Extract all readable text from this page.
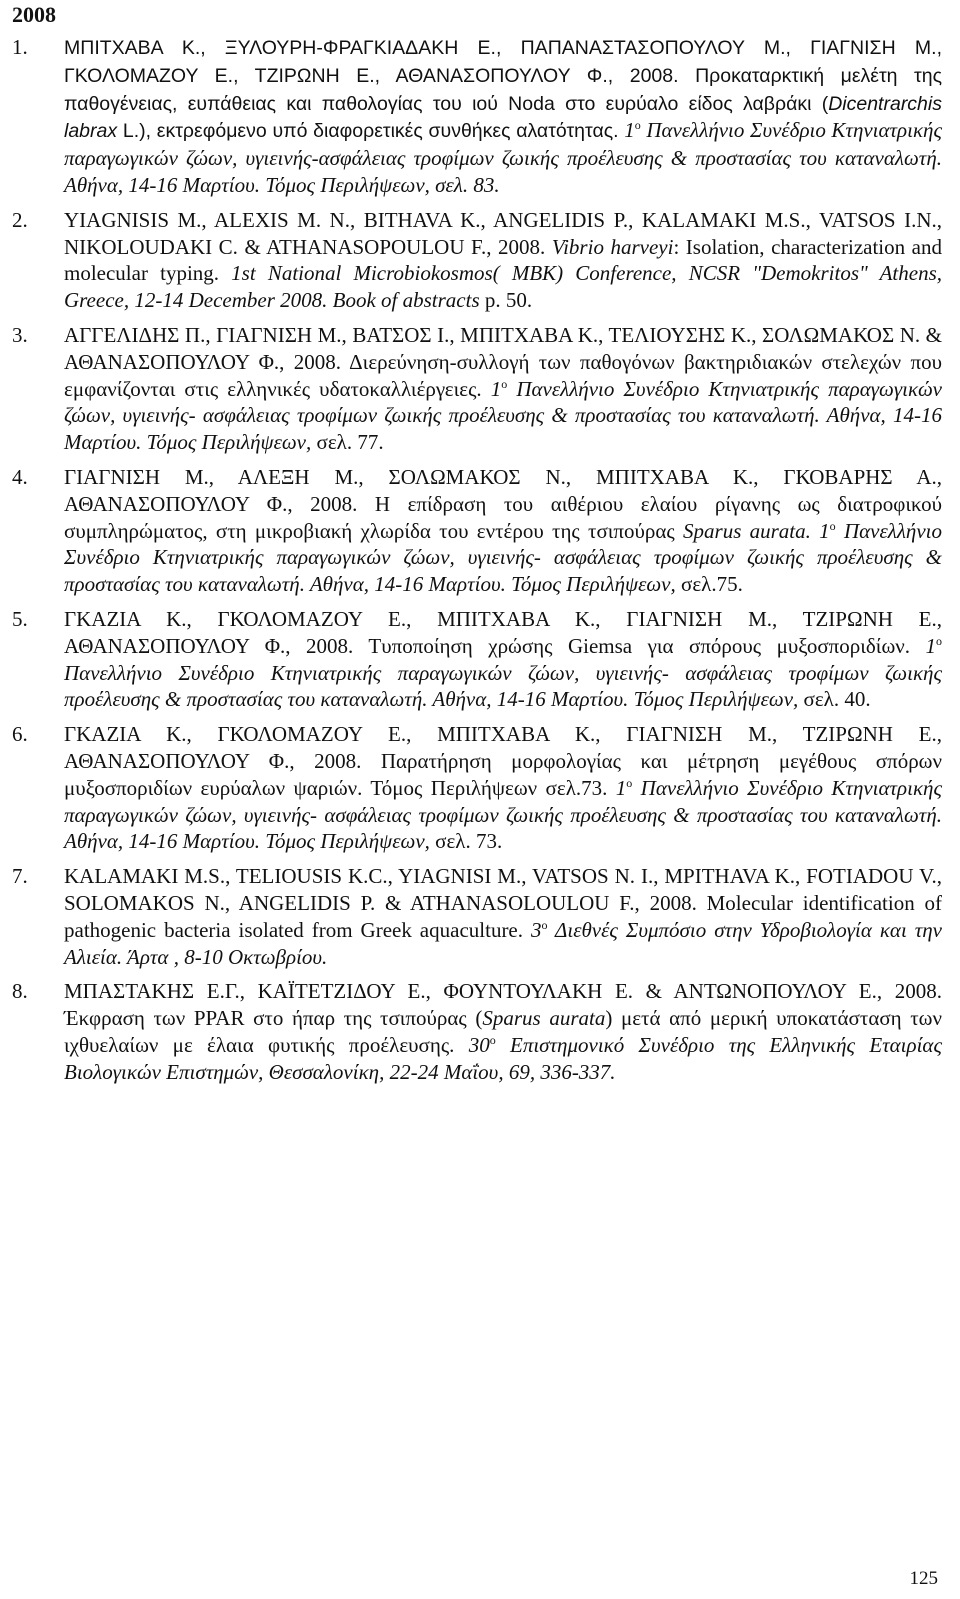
2008
1.	ΜΠΙΤΧΑΒΑ Κ., ΞΥΛΟΥΡΗ-ΦΡΑΓΚΙΑΔΑΚΗ Ε., ΠΑΠΑΝΑΣΤΑΣΟΠΟΥΛΟΥ Μ., ΓΙΑΓΝΙΣΗ Μ., ΓΚΟΛΟΜΑΖΟΥ Ε., ΤΖΙΡΩΝΗ Ε., ΑΘΑΝΑΣΟΠΟΥΛΟΥ Φ., 2008. Προκαταρκτική μελέτη της παθογένειας, ευπάθειας και παθολογίας του ιού Noda στο ευρύαλο είδος λαβράκι (Dicentrarchis labrax L.), εκτρεφόμενο υπό διαφορετικές συνθήκες αλατότητας. $1^o$ Πανελλήνιο Συνέδριο Κτηνιατρικής παραγωγικών ζώων, υγιεινής-ασφάλειας τροφίμων ζωικής προέλευσης & προστασίας του καταναλωτή. Αθήνα, 14-16 Μαρτίου. Τόμος Περιλήψεων, σελ. 83.
2.	YIAGNISIS M., ALEXIS M. N., BITHAVA K., ANGELIDIS P., KALAMAKI M.S., VATSOS I.N., NIKOLOUDAKI C. & ATHANASOPOULOU F., 2008. Vibrio harveyi: Isolation, characterization and molecular typing. 1st National Microbiokosmos( MBK) Conference, NCSR "Demokritos" Athens, Greece, 12-14 December 2008. Book of abstracts p. 50.
3.	ΑΓΓΕΛΙΔΗΣ Π., ΓΙΑΓΝΙΣΗ Μ., ΒΑΤΣΟΣ Ι., ΜΠΙΤΧΑΒΑ Κ., ΤΕΛΙΟΥΣΗΣ Κ., ΣΟΛΩΜΑΚΟΣ Ν. & ΑΘΑΝΑΣΟΠΟΥΛΟΥ Φ., 2008. Διερεύνηση-συλλογή των παθογόνων βακτηριδιακών στελεχών που εμφανίζονται στις ελληνικές υδατοκαλλιέργειες. $1^o$ Πανελλήνιο Συνέδριο Κτηνιατρικής παραγωγικών ζώων, υγιεινής- ασφάλειας τροφίμων ζωικής προέλευσης & προστασίας του καταναλωτή. Αθήνα, 14-16 Μαρτίου. Τόμος Περιλήψεων, σελ. 77.
4.	ΓΙΑΓΝΙΣΗ Μ., ΑΛΕΞΗ Μ., ΣΟΛΩΜΑΚΟΣ Ν., ΜΠΙΤΧΑΒΑ Κ., ΓΚΟΒΑΡΗΣ Α., ΑΘΑΝΑΣΟΠΟΥΛΟΥ Φ., 2008. Η επίδραση του αιθέριου ελαίου ρίγανης ως διατροφικού συμπληρώματος, στη μικροβιακή χλωρίδα του εντέρου της τσιπούρας Sparus aurata. $1^o$ Πανελλήνιο Συνέδριο Κτηνιατρικής παραγωγικών ζώων, υγιεινής- ασφάλειας τροφίμων ζωικής προέλευσης & προστασίας του καταναλωτή. Αθήνα, 14-16 Μαρτίου. Τόμος Περιλήψεων, σελ.75.
5.	ΓΚΑΖΙΑ Κ., ΓΚΟΛΟΜΑΖΟΥ Ε., ΜΠΙΤΧΑΒΑ Κ., ΓΙΑΓΝΙΣΗ Μ., ΤΖΙΡΩΝΗ Ε., ΑΘΑΝΑΣΟΠΟΥΛΟΥ Φ., 2008. Τυποποίηση χρώσης Giemsa για σπόρους μυξοσποριδίων. $1^o$ Πανελλήνιο Συνέδριο Κτηνιατρικής παραγωγικών ζώων, υγιεινής- ασφάλειας τροφίμων ζωικής προέλευσης & προστασίας του καταναλωτή. Αθήνα, 14-16 Μαρτίου. Τόμος Περιλήψεων, σελ. 40.
6.	ΓΚΑΖΙΑ Κ., ΓΚΟΛΟΜΑΖΟΥ Ε., ΜΠΙΤΧΑΒΑ Κ., ΓΙΑΓΝΙΣΗ Μ., ΤΖΙΡΩΝΗ Ε., ΑΘΑΝΑΣΟΠΟΥΛΟΥ Φ., 2008. Παρατήρηση μορφολογίας και μέτρηση μεγέθους σπόρων μυξοσποριδίων ευρύαλων ψαριών. Τόμος Περιλήψεων σελ.73. $1^o$ Πανελλήνιο Συνέδριο Κτηνιατρικής παραγωγικών ζώων, υγιεινής- ασφάλειας τροφίμων ζωικής προέλευσης & προστασίας του καταναλωτή. Αθήνα, 14-16 Μαρτίου. Τόμος Περιλήψεων, σελ. 73.
7.	KALAMAKI M.S., TELIOUSIS K.C., YIAGNISI M., VATSOS N. I., MPITHAVA K., FOTIADOU V., SOLOMAKOS N., ANGELIDIS P. & ATHANASOLOULOU F., 2008. Molecular identification of pathogenic bacteria isolated from Greek aquaculture. $3^o$ Διεθνές Συμπόσιο στην Υδροβιολογία και την Αλιεία. Άρτα , 8-10 Οκτωβρίου.
8.	ΜΠΑΣΤΑΚΗΣ Ε.Γ., ΚΑΪΤΕΤΖΙΔΟΥ Ε., ΦΟΥΝΤΟΥΛΑΚΗ Ε. & ΑΝΤΩΝΟΠΟΥΛΟΥ Ε., 2008. Έκφραση των PPAR στο ήπαρ της τσιπούρας (Sparus aurata) μετά από μερική υποκατάσταση των ιχθυελαίων με έλαια φυτικής προέλευσης. $30^o$ Επιστημονικό Συνέδριο της Ελληνικής Εταιρίας Βιολογικών Επιστημών, Θεσσαλονίκη, 22-24 Μαΐου, 69, 336-337.
125
